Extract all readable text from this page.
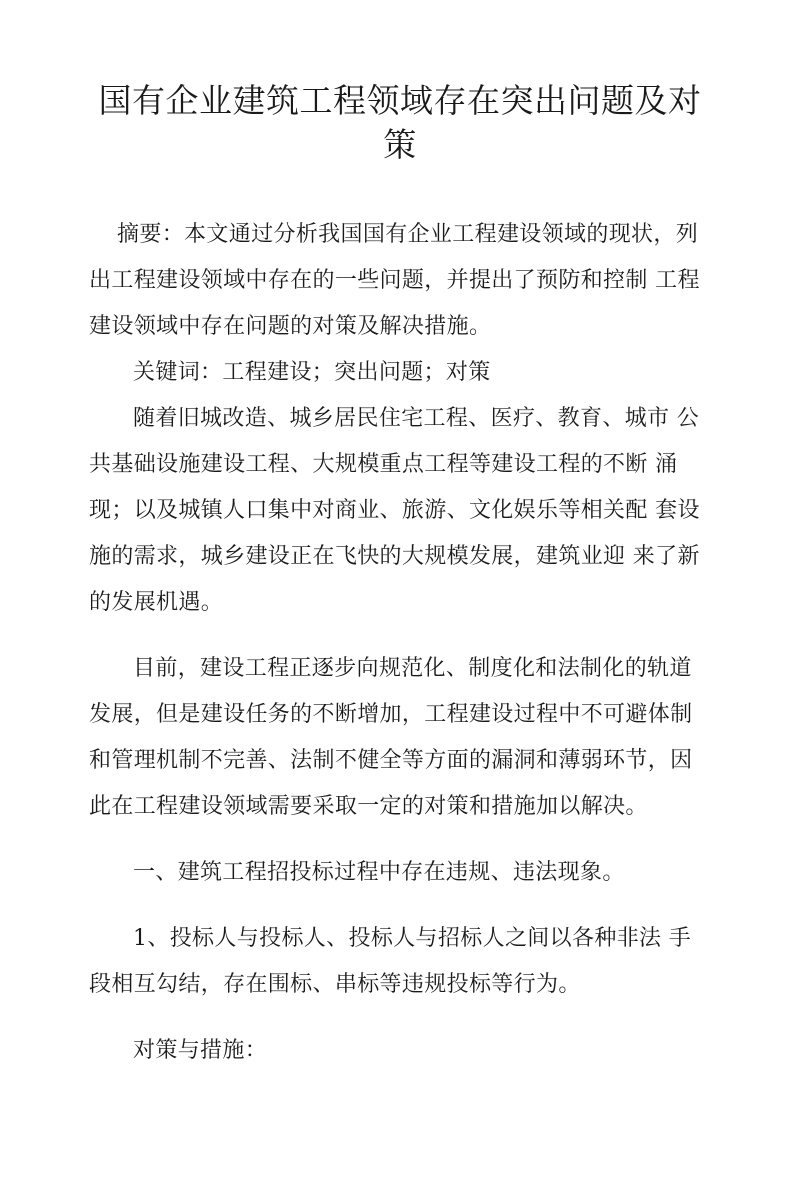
国有企业建筑工程领域存在突出问题及对
策

摘要：本文通过分析我国国有企业工程建设领域的现状，列

出工程建设领域中存在的一些问题，并提出了预防和控制 工程

建设领域中存在问题的对策及解决措施。

关键词：工程建设；突出问题；对策

随着旧城改造、城乡居民住宅工程、医疗、教育、城市 公

共基础设施建设工程、大规模重点工程等建设工程的不断 涌

现；以及城镇人口集中对商业、旅游、文化娱乐等相关配 套设

施的需求，城乡建设正在飞快的大规模发展，建筑业迎 来了新

的发展机遇。

目前，建设工程正逐步向规范化、制度化和法制化的轨道

发展，但是建设任务的不断增加，工程建设过程中不可避体制

和管理机制不完善、法制不健全等方面的漏洞和薄弱环节，因

此在工程建设领域需要采取一定的对策和措施加以解决。

一、建筑工程招投标过程中存在违规、违法现象。

1、投标人与投标人、投标人与招标人之间以各种非法 手

段相互勾结，存在围标、串标等违规投标等行为。

对策与措施：
